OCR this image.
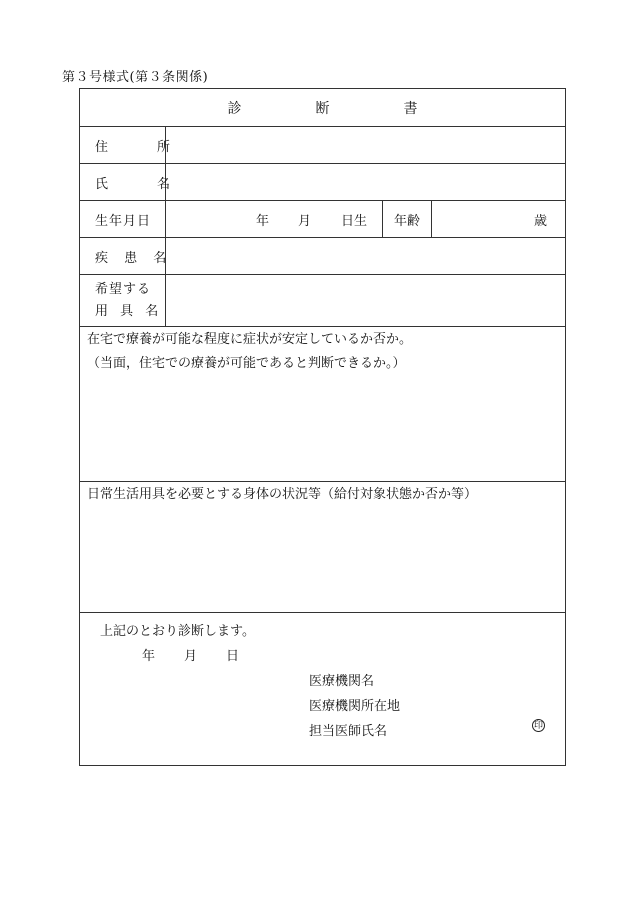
第３号様式(第３条関係)
診　断　書
住　所
氏　名
生年月日	年 月 日生	年齢	歳
疾 患 名
希望する
用 具 名
在宅で療養が可能な程度に症状が安定しているか否か。
（当面，住宅での療養が可能であると判断できるか。）
日常生活用具を必要とする身体の状況等（給付対象状態か否か等）
上記のとおり診断します。
年 月 日
医療機関名
医療機関所在地
担当医師氏名	印
